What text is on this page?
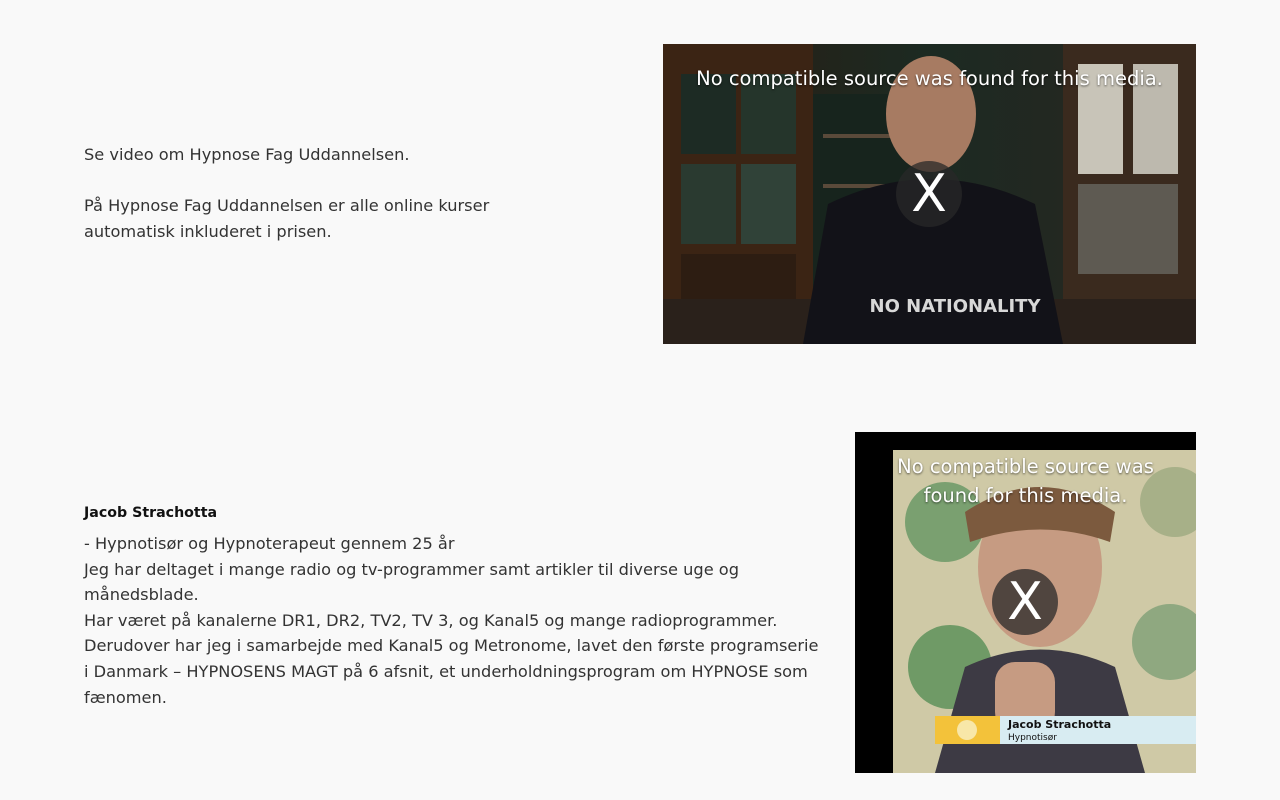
Se video om Hypnose Fag Uddannelsen.

På Hypnose Fag Uddannelsen er alle online kurser automatisk inkluderet i prisen.

NO NATIONALITY
No compatible source was found for this media.
X
Jacob Strachotta

- Hypnotisør og Hypnoterapeut gennem 25 år

Jeg har deltaget i mange radio og tv-programmer samt artikler til diverse uge og månedsblade.

Har været på kanalerne DR1, DR2, TV2, TV 3, og Kanal5 og mange radioprogrammer. Derudover har jeg i samarbejde med Kanal5 og Metronome, lavet den første programserie i Danmark – HYPNOSENS MAGT på 6 afsnit, et underholdningsprogram om HYPNOSE som fænomen.

Jacob Strachotta
Hypnotisør
No compatible source was found for this media.
X
